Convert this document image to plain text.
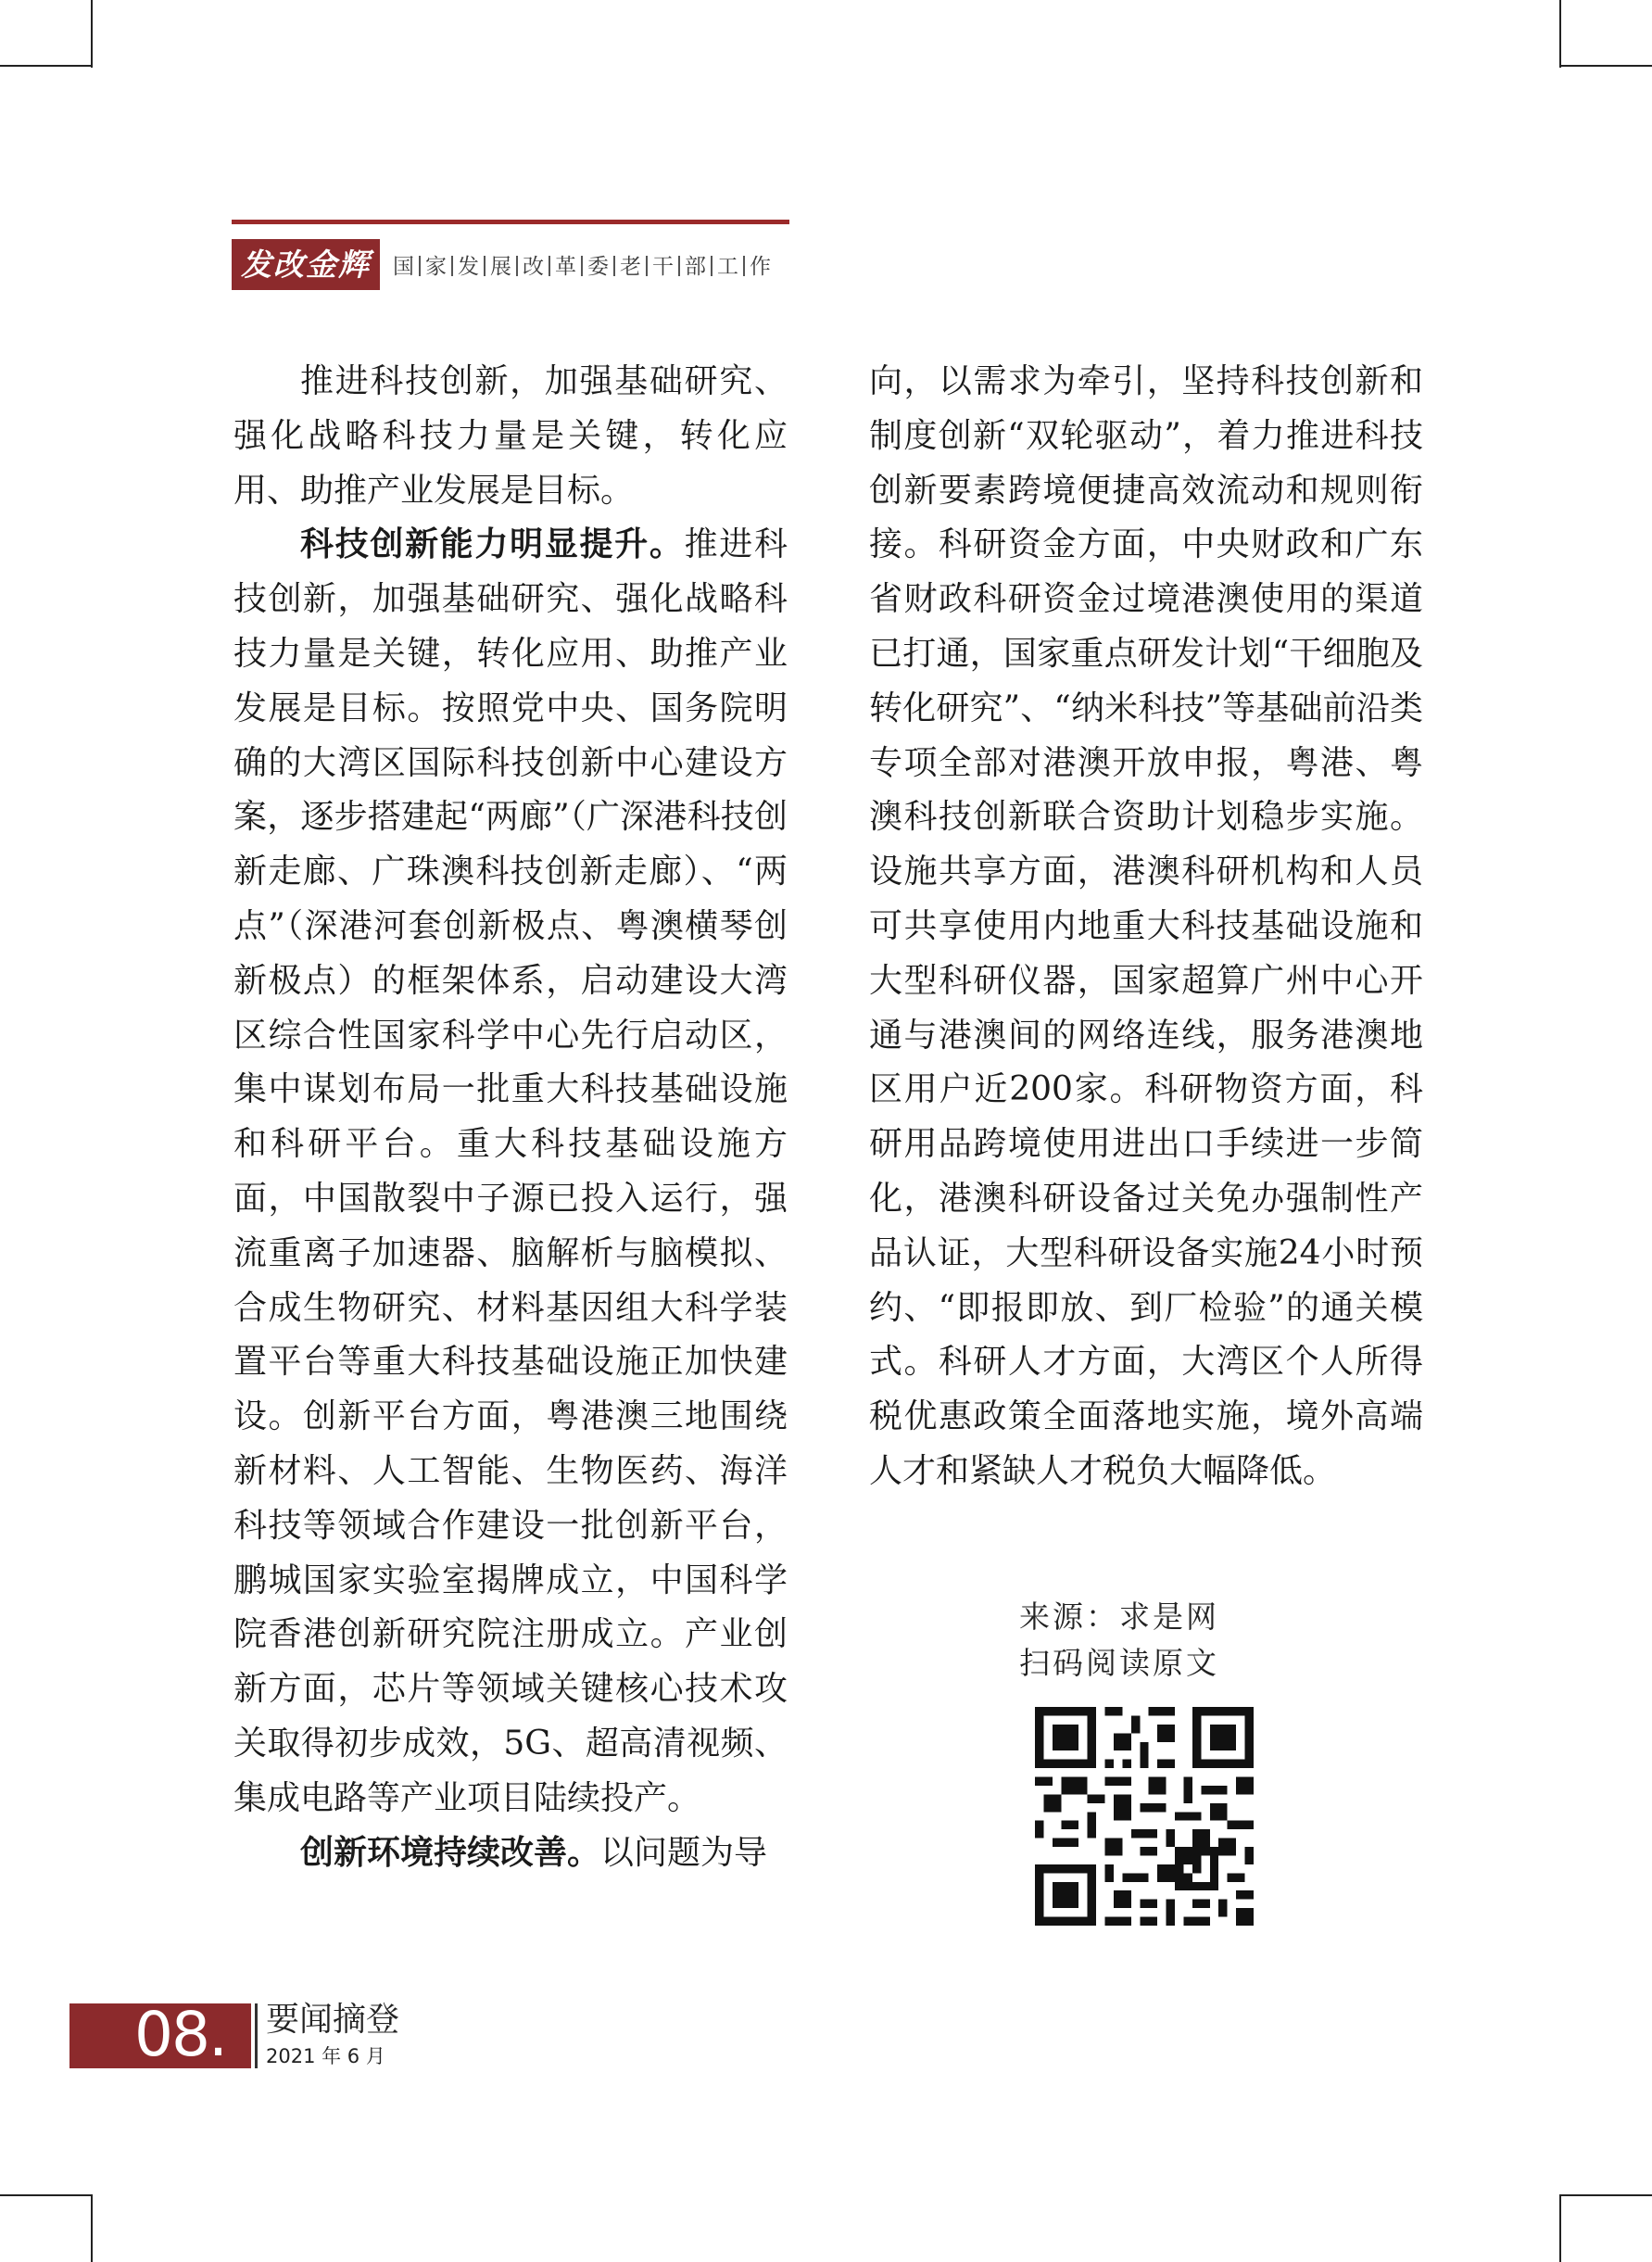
发改金辉	国 家 发 展 改 革 委 老 干 部 工 作

推进科技创新，加强基础研究、强化战略科技力量是关键，转化应用、助推产业发展是目标。

科技创新能力明显提升。推进科技创新，加强基础研究、强化战略科技力量是关键，转化应用、助推产业发展是目标。按照党中央、国务院明确的大湾区国际科技创新中心建设方案，逐步搭建起“两廊”（广深港科技创新走廊、广珠澳科技创新走廊）、“两点”（深港河套创新极点、粤澳横琴创新极点）的框架体系，启动建设大湾区综合性国家科学中心先行启动区，集中谋划布局一批重大科技基础设施和科研平台。重大科技基础设施方面，中国散裂中子源已投入运行，强流重离子加速器、脑解析与脑模拟、合成生物研究、材料基因组大科学装置平台等重大科技基础设施正加快建设。创新平台方面，粤港澳三地围绕新材料、人工智能、生物医药、海洋科技等领域合作建设一批创新平台，鹏城国家实验室揭牌成立，中国科学院香港创新研究院注册成立。产业创新方面，芯片等领域关键核心技术攻关取得初步成效，5G、超高清视频、集成电路等产业项目陆续投产。

创新环境持续改善。以问题为导

向，以需求为牵引，坚持科技创新和制度创新“双轮驱动”，着力推进科技创新要素跨境便捷高效流动和规则衔接。科研资金方面，中央财政和广东省财政科研资金过境港澳使用的渠道已打通，国家重点研发计划“干细胞及转化研究”、“纳米科技”等基础前沿类专项全部对港澳开放申报，粤港、粤澳科技创新联合资助计划稳步实施。设施共享方面，港澳科研机构和人员可共享使用内地重大科技基础设施和大型科研仪器，国家超算广州中心开通与港澳间的网络连线，服务港澳地区用户近200家。科研物资方面，科研用品跨境使用进出口手续进一步简化，港澳科研设备过关免办强制性产品认证，大型科研设备实施24小时预约、“即报即放、到厂检验”的通关模式。科研人才方面，大湾区个人所得税优惠政策全面落地实施，境外高端人才和紧缺人才税负大幅降低。

来源：求是网
扫码阅读原文
08.	要闻摘登
2021 年 6 月
